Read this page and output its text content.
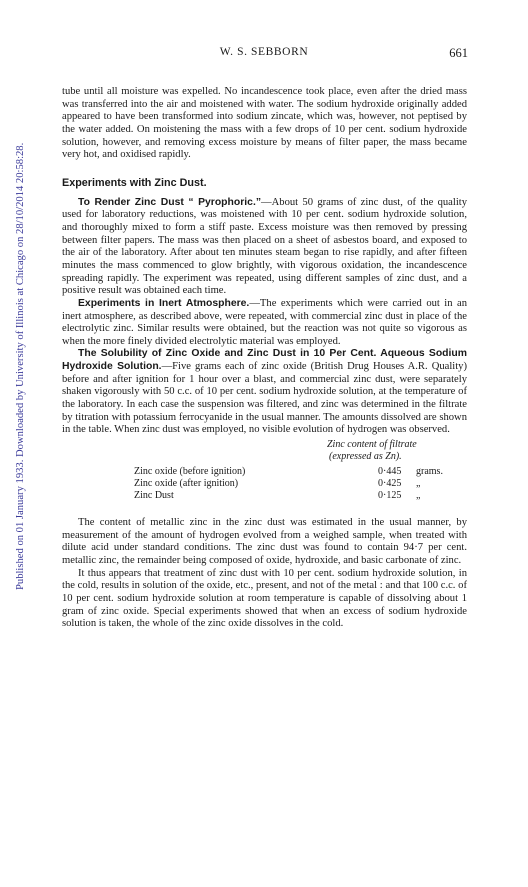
Published on 01 January 1933. Downloaded by University of Illinois at Chicago on 28/10/2014 20:58:28.
W. S. SEBBORN	661

tube until all moisture was expelled. No incandescence took place, even after the dried mass was transferred into the air and moistened with water. The sodium hydroxide originally added appeared to have been transformed into sodium zincate, which was, however, not peptised by the water added. On moistening the mass with a few drops of 10 per cent. sodium hydroxide solution, however, and removing excess moisture by means of filter paper, the mass became very hot, and oxidised rapidly.

Experiments with Zinc Dust.

To Render Zinc Dust “ Pyrophoric.”—About 50 grams of zinc dust, of the quality used for laboratory reductions, was moistened with 10 per cent. sodium hydroxide solution, and thoroughly mixed to form a stiff paste. Excess moisture was then removed by pressing between filter papers. The mass was then placed on a sheet of asbestos board, and exposed to the air of the laboratory. After about ten minutes steam began to rise rapidly, and after fifteen minutes the mass commenced to glow brightly, with vigorous oxidation, the incandescence spreading rapidly. The experiment was repeated, using different samples of zinc dust, and a positive result was obtained each time.

Experiments in Inert Atmosphere.—The experiments which were carried out in an inert atmosphere, as described above, were repeated, with commercial zinc dust in place of the electrolytic zinc. Similar results were obtained, but the reaction was not quite so vigorous as when the more finely divided electrolytic material was employed.

The Solubility of Zinc Oxide and Zinc Dust in 10 Per Cent. Aqueous Sodium Hydroxide Solution.—Five grams each of zinc oxide (British Drug Houses A.R. Quality) before and after ignition for 1 hour over a blast, and commercial zinc dust, were separately shaken vigorously with 50 c.c. of 10 per cent. sodium hydroxide solution, at the temperature of the laboratory. In each case the suspension was filtered, and zinc was determined in the filtrate by titration with potassium ferrocyanide in the usual manner. The amounts dissolved are shown in the table. When zinc dust was employed, no visible evolution of hydrogen was observed.

Zinc content of filtrate
(expressed as Zn).
Zinc oxide (before ignition)	0·445 grams.
Zinc oxide (after ignition)	0·425 „
Zinc Dust	0·125 „

The content of metallic zinc in the zinc dust was estimated in the usual manner, by measurement of the amount of hydrogen evolved from a weighed sample, when treated with dilute acid under standard conditions. The zinc dust was found to contain 94·7 per cent. metallic zinc, the remainder being composed of oxide, hydroxide, and basic carbonate of zinc.

It thus appears that treatment of zinc dust with 10 per cent. sodium hydroxide solution, in the cold, results in solution of the oxide, etc., present, and not of the metal : and that 100 c.c. of 10 per cent. sodium hydroxide solution at room temperature is capable of dissolving about 1 gram of zinc oxide. Special experiments showed that when an excess of sodium hydroxide solution is taken, the whole of the zinc oxide dissolves in the cold.
